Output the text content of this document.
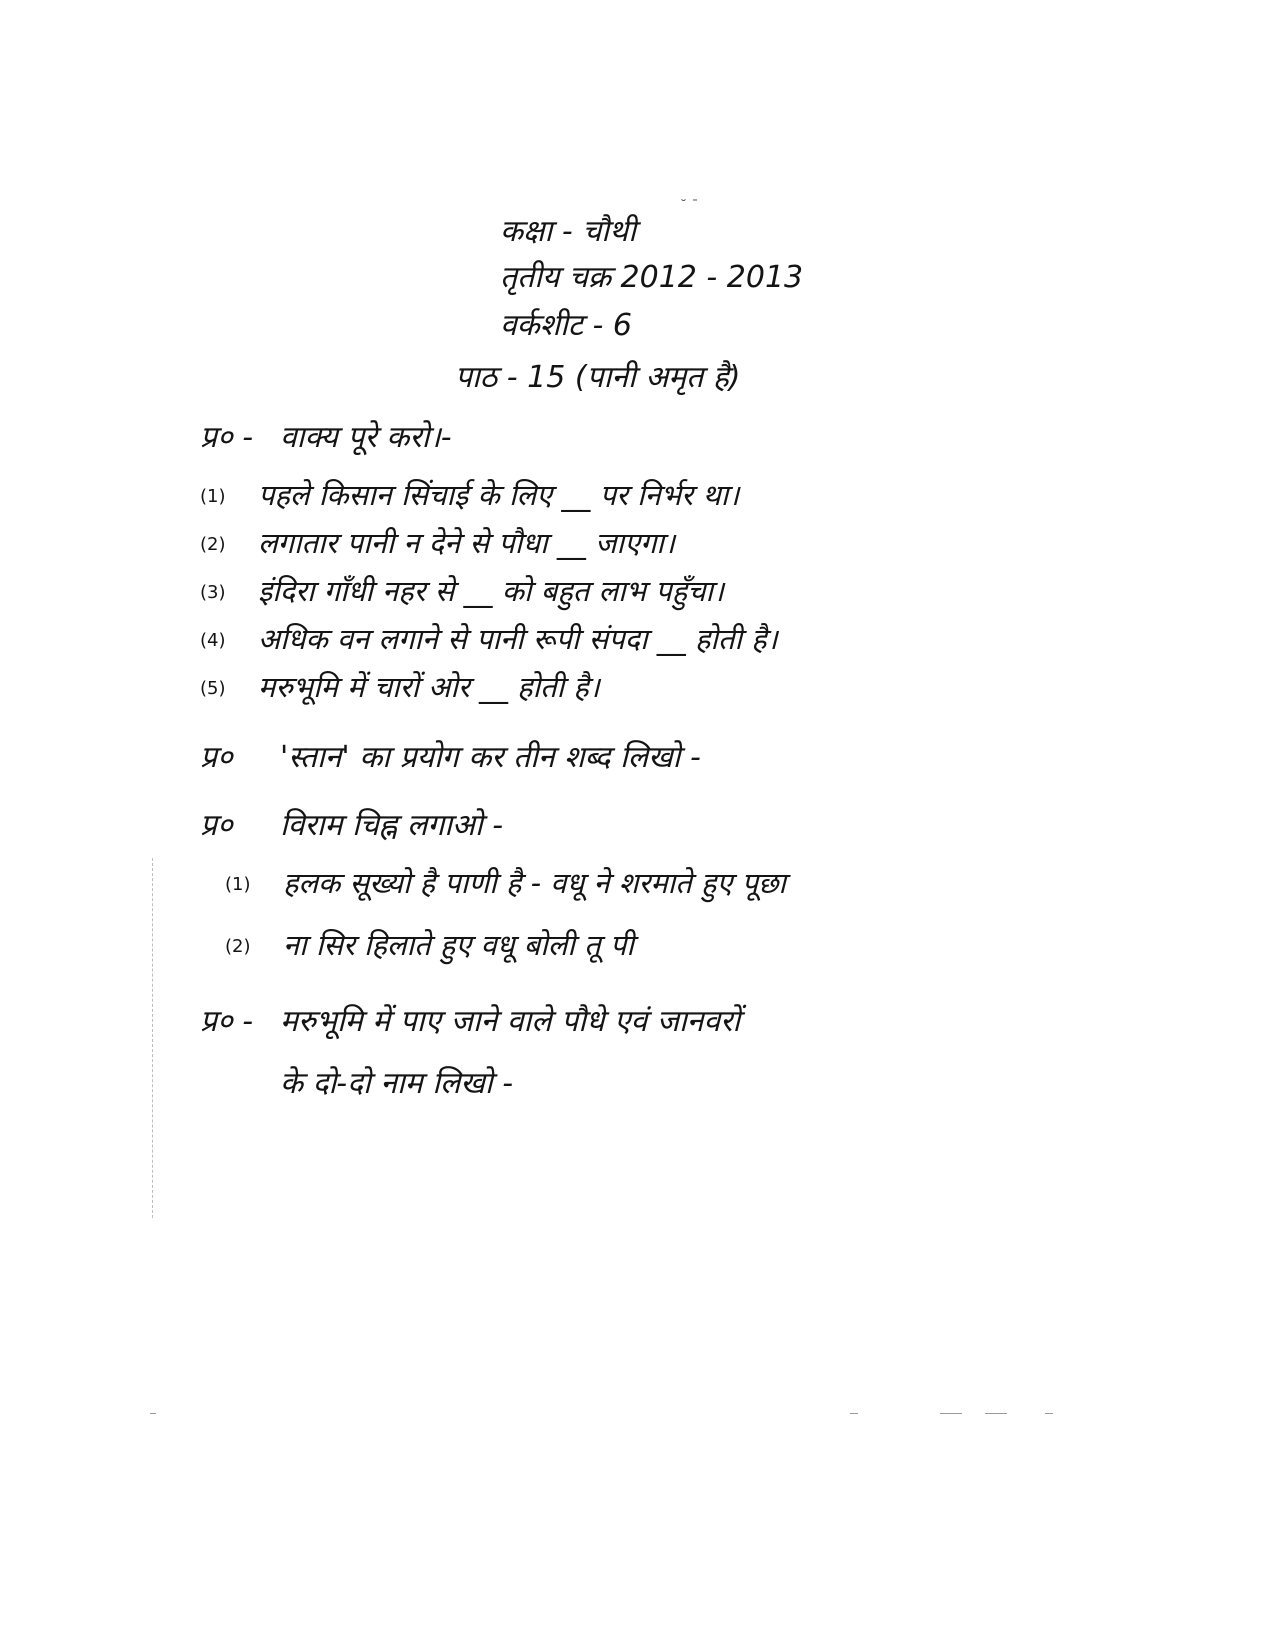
˘ ˉ
कक्षा - चौथी
तृतीय चक्र 2012 - 2013
वर्कशीट - 6
पाठ - 15 (पानी अमृत है)
प्र० - वाक्य पूरे करो।-
(1) पहले किसान सिंचाई के लिए __ पर निर्भर था।
(2) लगातार पानी न देने से पौधा __ जाएगा।
(3) इंदिरा गाँधी नहर से __ को बहुत लाभ पहुँचा।
(4) अधिक वन लगाने से पानी रूपी संपदा __ होती है।
(5) मरुभूमि में चारों ओर __ होती है।
प्र० 'स्तान' का प्रयोग कर तीन शब्द लिखो -
प्र० विराम चिह्न लगाओ -
(1) हलक सूख्यो है पाणी है - वधू ने शरमाते हुए पूछा
(2) ना सिर हिलाते हुए वधू बोली तू पी
प्र० - मरुभूमि में पाए जाने वाले पौधे एवं जानवरों
के दो-दो नाम लिखो -
